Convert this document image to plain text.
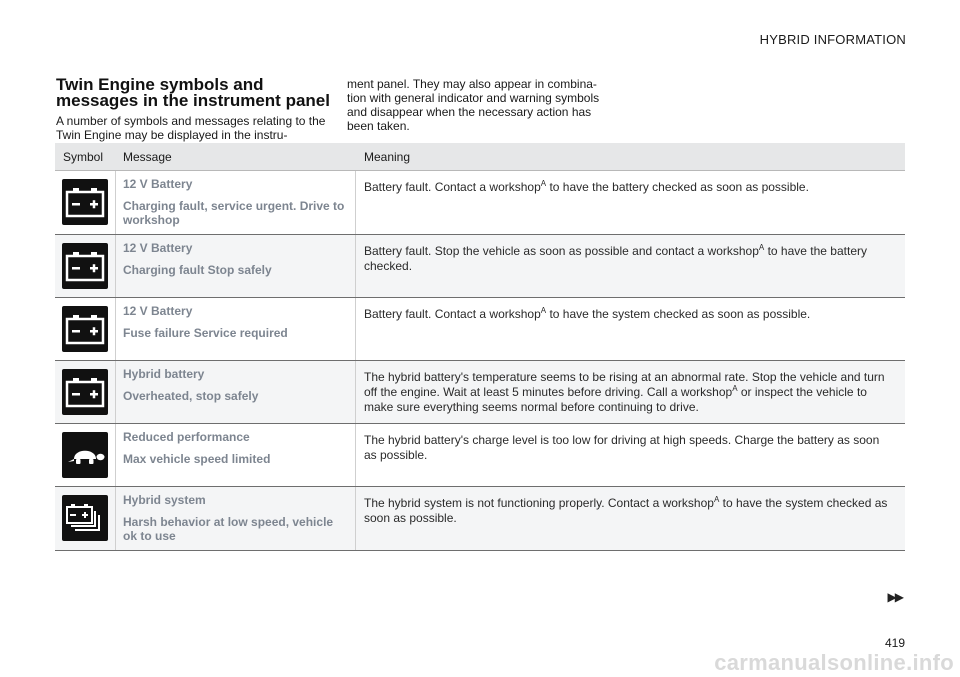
HYBRID INFORMATION
Twin Engine symbols and messages in the instrument panel

A number of symbols and messages relating to the Twin Engine may be displayed in the instru-

ment panel. They may also appear in combina-tion with general indicator and warning symbols and disappear when the necessary action has been taken.

Symbol	Message	Meaning
12 V Battery
Charging fault, service urgent. Drive to workshop
Battery fault. Contact a workshop$^A$ to have the battery checked as soon as possible.
12 V Battery
Charging fault Stop safely
Battery fault. Stop the vehicle as soon as possible and contact a workshop$^A$ to have the battery checked.
12 V Battery
Fuse failure Service required
Battery fault. Contact a workshop$^A$ to have the system checked as soon as possible.
Hybrid battery
Overheated, stop safely
The hybrid battery's temperature seems to be rising at an abnormal rate. Stop the vehicle and turn off the engine. Wait at least 5 minutes before driving. Call a workshop$^A$ or inspect the vehicle to make sure everything seems normal before continuing to drive.
Reduced performance
Max vehicle speed limited
The hybrid battery's charge level is too low for driving at high speeds. Charge the battery as soon as possible.
Hybrid system
Harsh behavior at low speed, vehicle ok to use
The hybrid system is not functioning properly. Contact a workshop$^A$ to have the system checked as soon as possible.
▶▶
419
carmanualsonline.info
